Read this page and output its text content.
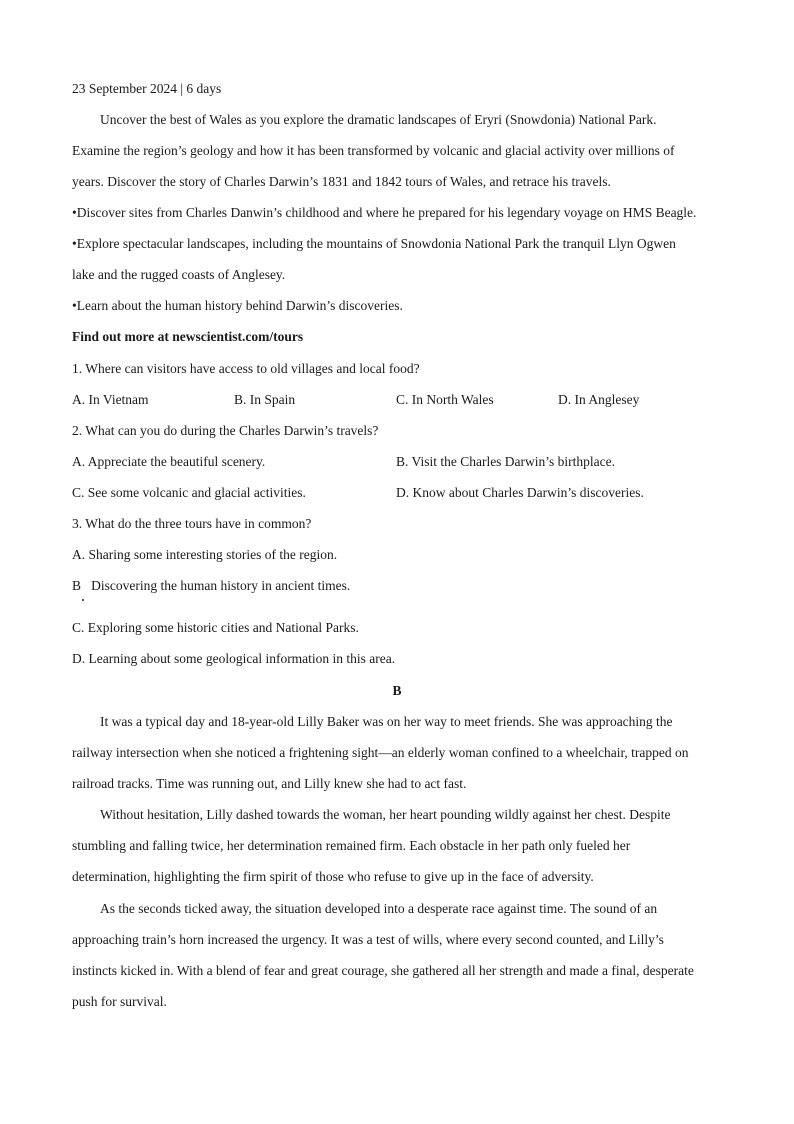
23 September 2024 | 6 days
Uncover the best of Wales as you explore the dramatic landscapes of Eryri (Snowdonia) National Park.
Examine the region’s geology and how it has been transformed by volcanic and glacial activity over millions of
years. Discover the story of Charles Darwin’s 1831 and 1842 tours of Wales, and retrace his travels.
•Discover sites from Charles Danwin’s childhood and where he prepared for his legendary voyage on HMS Beagle.
•Explore spectacular landscapes, including the mountains of Snowdonia National Park the tranquil Llyn Ogwen
lake and the rugged coasts of Anglesey.
•Learn about the human history behind Darwin’s discoveries.
Find out more at newscientist.com/tours
1. Where can visitors have access to old villages and local food?
A. In Vietnam	B. In Spain	C. In North Wales	D. In Anglesey
2. What can you do during the Charles Darwin’s travels?
A. Appreciate the beautiful scenery.	B. Visit the Charles Darwin’s birthplace.
C. See some volcanic and glacial activities.	D. Know about Charles Darwin’s discoveries.
3. What do the three tours have in common?
A. Sharing some interesting stories of the region.
B   Discovering the human history in ancient times.
C. Exploring some historic cities and National Parks.
D. Learning about some geological information in this area.
B
It was a typical day and 18-year-old Lilly Baker was on her way to meet friends. She was approaching the
railway intersection when she noticed a frightening sight—an elderly woman confined to a wheelchair, trapped on
railroad tracks. Time was running out, and Lilly knew she had to act fast.
Without hesitation, Lilly dashed towards the woman, her heart pounding wildly against her chest. Despite
stumbling and falling twice, her determination remained firm. Each obstacle in her path only fueled her
determination, highlighting the firm spirit of those who refuse to give up in the face of adversity.
As the seconds ticked away, the situation developed into a desperate race against time. The sound of an
approaching train’s horn increased the urgency. It was a test of wills, where every second counted, and Lilly’s
instincts kicked in. With a blend of fear and great courage, she gathered all her strength and made a final, desperate
push for survival.
